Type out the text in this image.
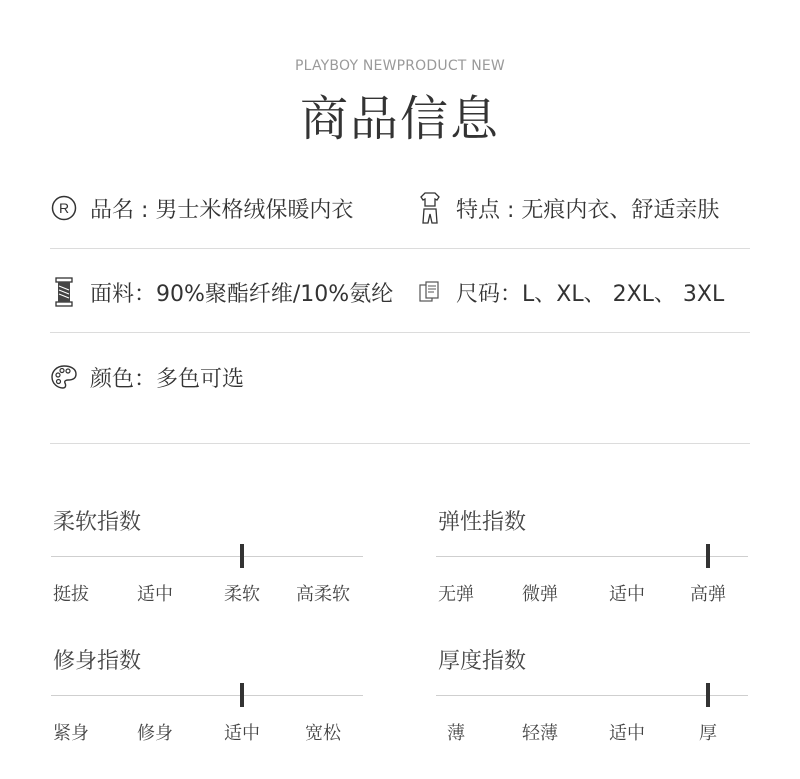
PLAYBOY NEWPRODUCT NEW
商品信息
R 品名 : 男士米格绒保暖内衣	特点 : 无痕内衣、舒适亲肤
面料：90%聚酯纤维/10%氨纶	尺码：L、XL、 2XL、 3XL
颜色：多色可选
柔软指数
挺拔	适中	柔软 高柔软
弹性指数
无弹	微弹	适中	高弹
修身指数
紧身	修身	适中	宽松
厚度指数
薄	轻薄	适中	厚
